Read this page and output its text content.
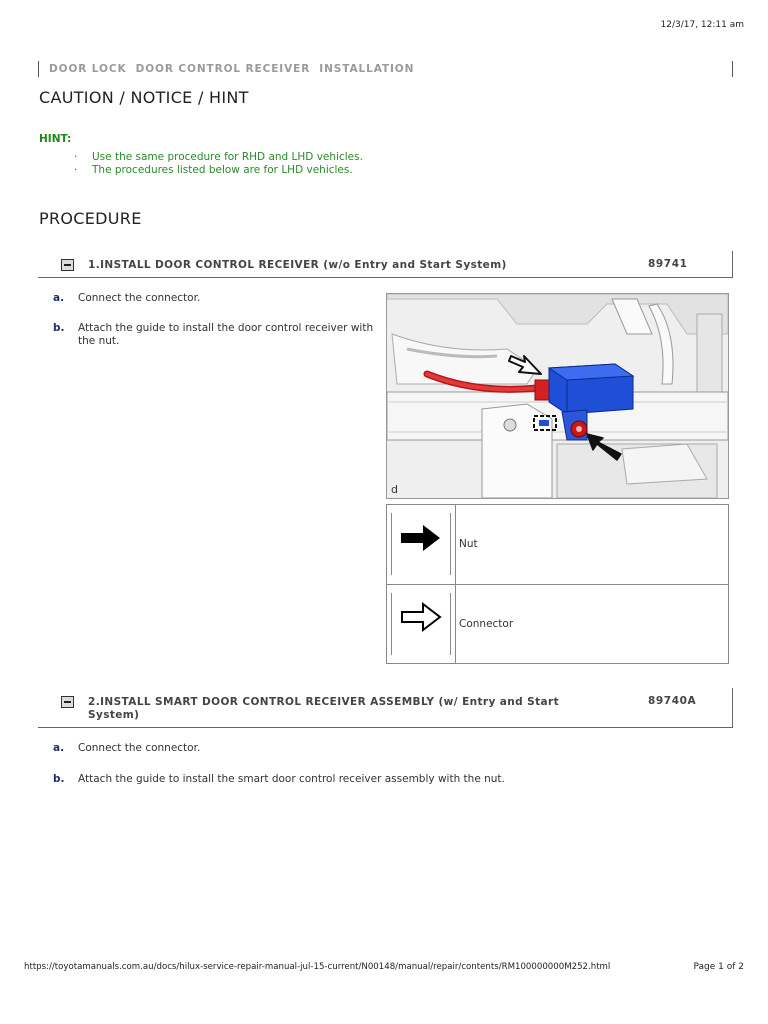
12/3/17, 12:11 am
DOOR LOCK  DOOR CONTROL RECEIVER  INSTALLATION
CAUTION / NOTICE / HINT
HINT:
· Use the same procedure for RHD and LHD vehicles.
· The procedures listed below are for LHD vehicles.
PROCEDURE
1.INSTALL DOOR CONTROL RECEIVER (w/o Entry and Start System)	89741
a. Connect the connector.
b. Attach the guide to install the door control receiver with the nut.
d
Nut
Connector
2.INSTALL SMART DOOR CONTROL RECEIVER ASSEMBLY (w/ Entry and Start System)
89740A
a. Connect the connector.
b. Attach the guide to install the smart door control receiver assembly with the nut.
https://toyotamanuals.com.au/docs/hilux-service-repair-manual-jul-15-current/N00148/manual/repair/contents/RM100000000M252.html	Page 1 of 2
